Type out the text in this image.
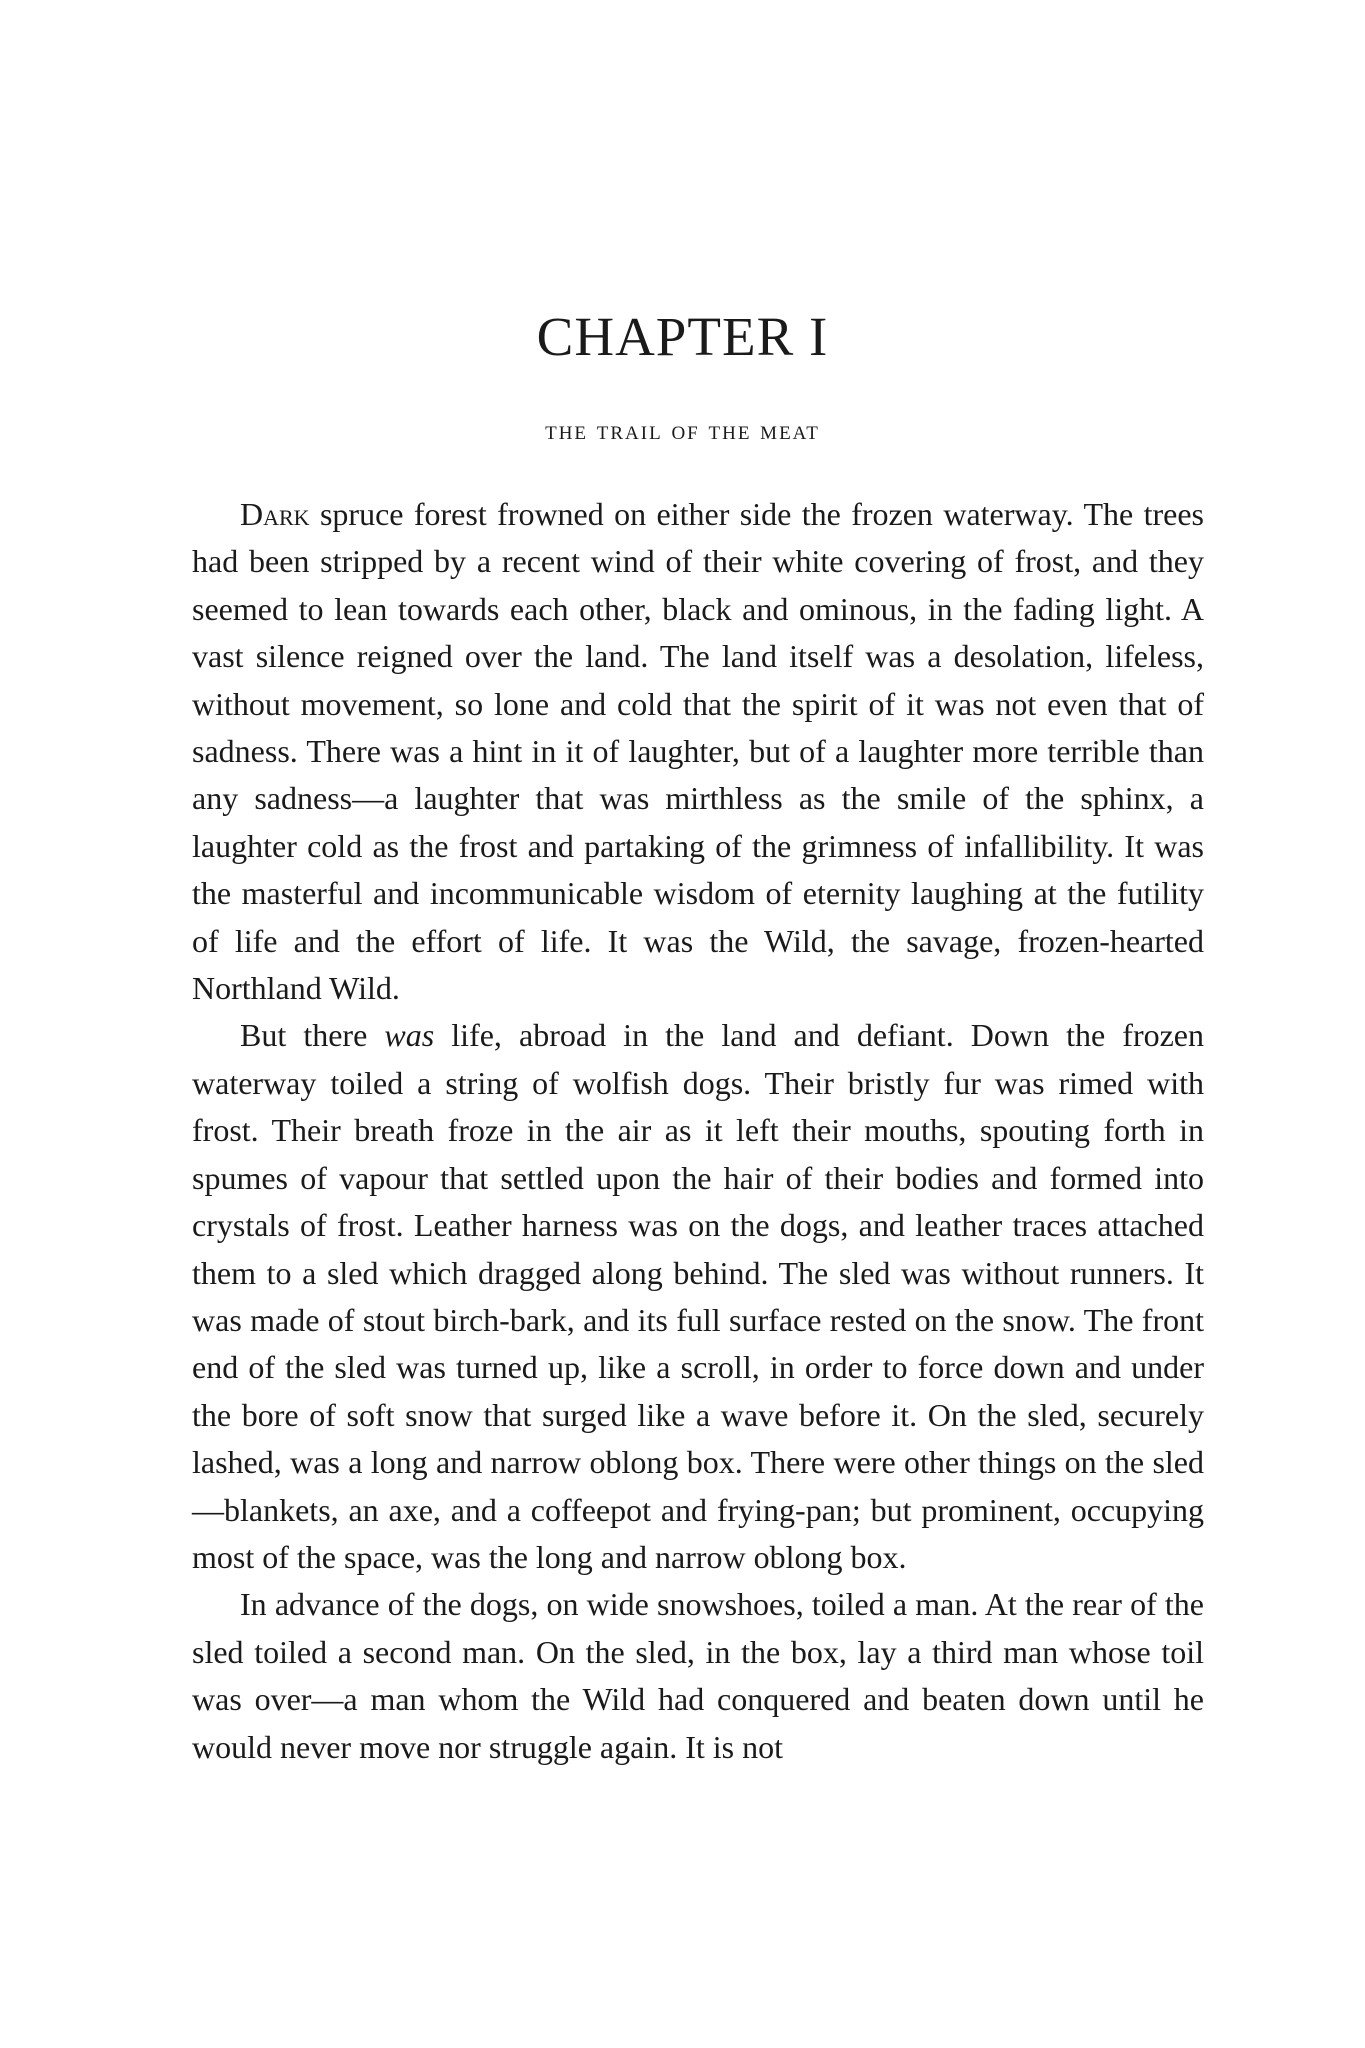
CHAPTER I
the trail of the meat

Dark spruce forest frowned on either side the frozen waterway. The trees had been stripped by a recent wind of their white covering of frost, and they seemed to lean towards each other, black and ominous, in the fading light. A vast silence reigned over the land. The land itself was a desolation, lifeless, without movement, so lone and cold that the spirit of it was not even that of sadness. There was a hint in it of laughter, but of a laughter more terrible than any sadness—a laughter that was mirthless as the smile of the sphinx, a laughter cold as the frost and partaking of the grimness of infallibility. It was the masterful and incommunicable wisdom of eternity laughing at the futility of life and the effort of life. It was the Wild, the savage, frozen-hearted Northland Wild.

But there was life, abroad in the land and defiant. Down the frozen waterway toiled a string of wolfish dogs. Their bristly fur was rimed with frost. Their breath froze in the air as it left their mouths, spouting forth in spumes of vapour that settled upon the hair of their bodies and formed into crystals of frost. Leather harness was on the dogs, and leather traces attached them to a sled which dragged along behind. The sled was without runners. It was made of stout birch-bark, and its full surface rested on the snow. The front end of the sled was turned up, like a scroll, in order to force down and under the bore of soft snow that surged like a wave before it. On the sled, securely lashed, was a long and narrow oblong box. There were other things on the sled—blankets, an axe, and a coffeepot and frying-pan; but prominent, occupying most of the space, was the long and narrow oblong box.

In advance of the dogs, on wide snowshoes, toiled a man. At the rear of the sled toiled a second man. On the sled, in the box, lay a third man whose toil was over—a man whom the Wild had conquered and beaten down until he would never move nor struggle again. It is not
